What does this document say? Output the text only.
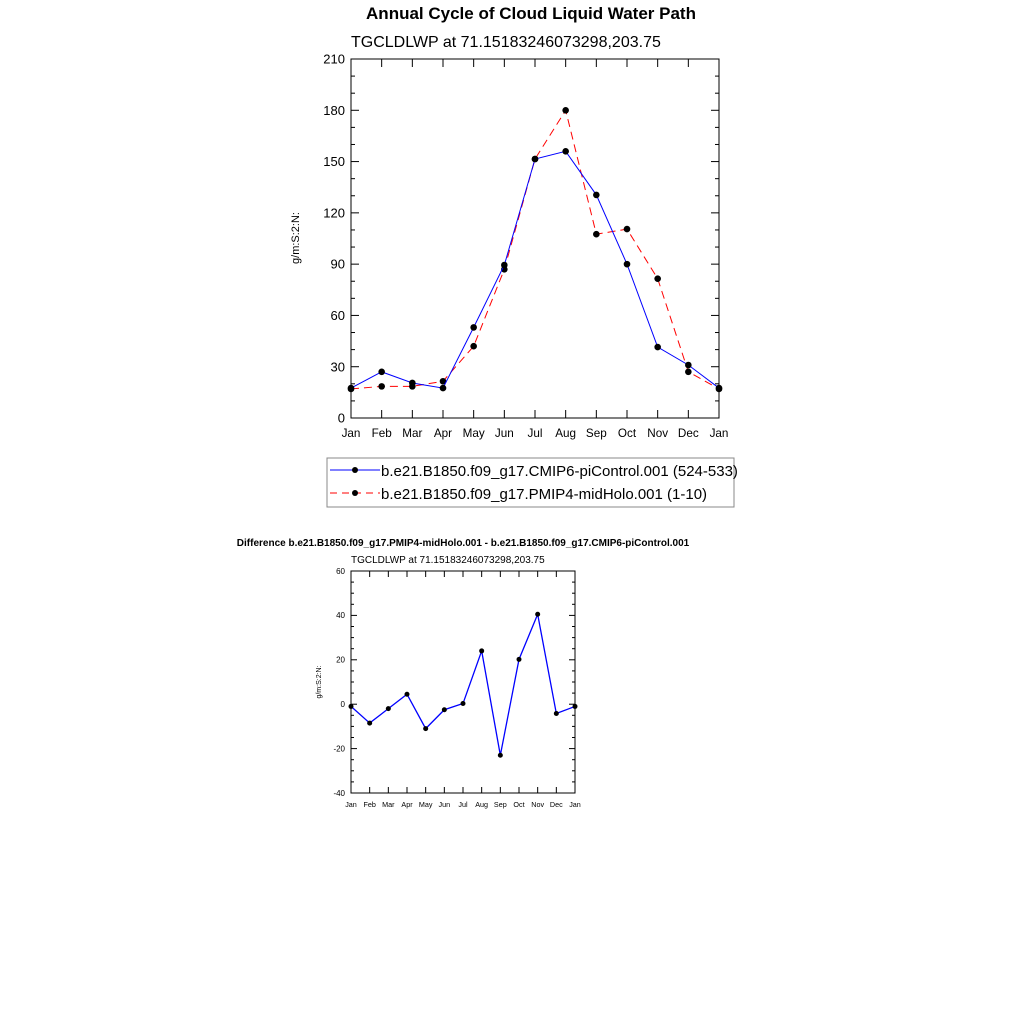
Annual Cycle of Cloud Liquid Water Path
TGCLDLWP at 71.15183246073298,203.75
g/m:S:2:N:
b.e21.B1850.f09_g17.CMIP6-piControl.001 (524-533)
b.e21.B1850.f09_g17.PMIP4-midHolo.001 (1-10)
Difference b.e21.B1850.f09_g17.PMIP4-midHolo.001 - b.e21.B1850.f09_g17.CMIP6-piControl.001
TGCLDLWP at 71.15183246073298,203.75
g/m:S:2:N:
0
30
60
90
120
150
180
210
Jan Feb Mar Apr May Jun Jul Aug Sep Oct Nov Dec Jan
-40
-20
0
20
40
60
Jan Feb Mar Apr May Jun Jul Aug Sep Oct Nov Dec Jan
